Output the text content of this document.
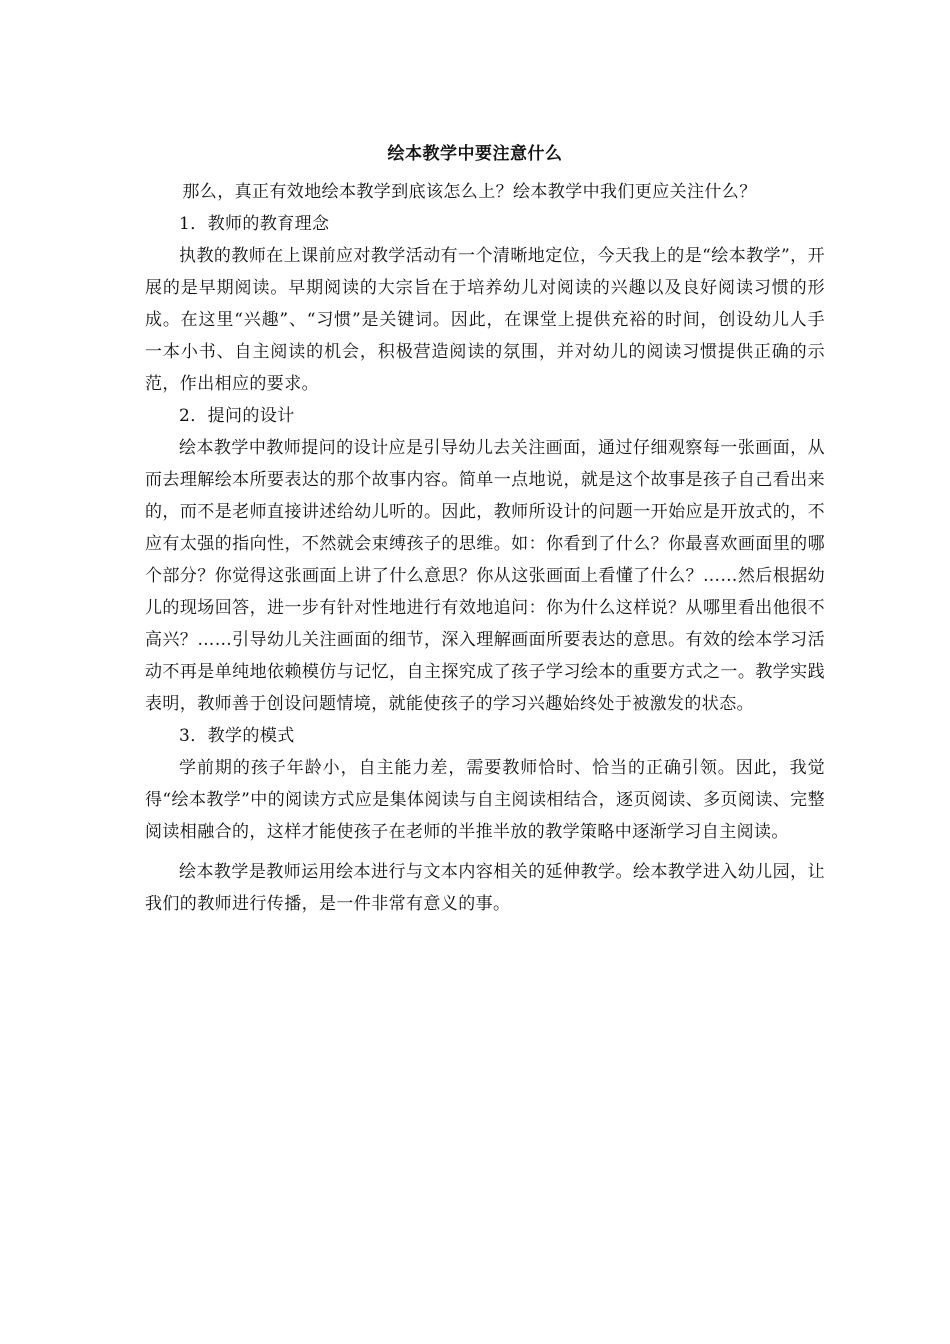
绘本教学中要注意什么

那么，真正有效地绘本教学到底该怎么上？绘本教学中我们更应关注什么？

1．教师的教育理念

执教的教师在上课前应对教学活动有一个清晰地定位，今天我上的是“绘本教学”，开展的是早期阅读。早期阅读的大宗旨在于培养幼儿对阅读的兴趣以及良好阅读习惯的形成。在这里“兴趣”、“习惯”是关键词。因此，在课堂上提供充裕的时间，创设幼儿人手一本小书、自主阅读的机会，积极营造阅读的氛围，并对幼儿的阅读习惯提供正确的示范，作出相应的要求。

2．提问的设计

绘本教学中教师提问的设计应是引导幼儿去关注画面，通过仔细观察每一张画面，从而去理解绘本所要表达的那个故事内容。简单一点地说，就是这个故事是孩子自己看出来的，而不是老师直接讲述给幼儿听的。因此，教师所设计的问题一开始应是开放式的，不应有太强的指向性，不然就会束缚孩子的思维。如：你看到了什么？你最喜欢画面里的哪个部分？你觉得这张画面上讲了什么意思？你从这张画面上看懂了什么？……然后根据幼儿的现场回答，进一步有针对性地进行有效地追问：你为什么这样说？从哪里看出他很不高兴？……引导幼儿关注画面的细节，深入理解画面所要表达的意思。有效的绘本学习活动不再是单纯地依赖模仿与记忆，自主探究成了孩子学习绘本的重要方式之一。教学实践表明，教师善于创设问题情境，就能使孩子的学习兴趣始终处于被激发的状态。

3．教学的模式

学前期的孩子年龄小，自主能力差，需要教师恰时、恰当的正确引领。因此，我觉得“绘本教学”中的阅读方式应是集体阅读与自主阅读相结合，逐页阅读、多页阅读、完整阅读相融合的，这样才能使孩子在老师的半推半放的教学策略中逐渐学习自主阅读。

绘本教学是教师运用绘本进行与文本内容相关的延伸教学。绘本教学进入幼儿园，让我们的教师进行传播，是一件非常有意义的事。
